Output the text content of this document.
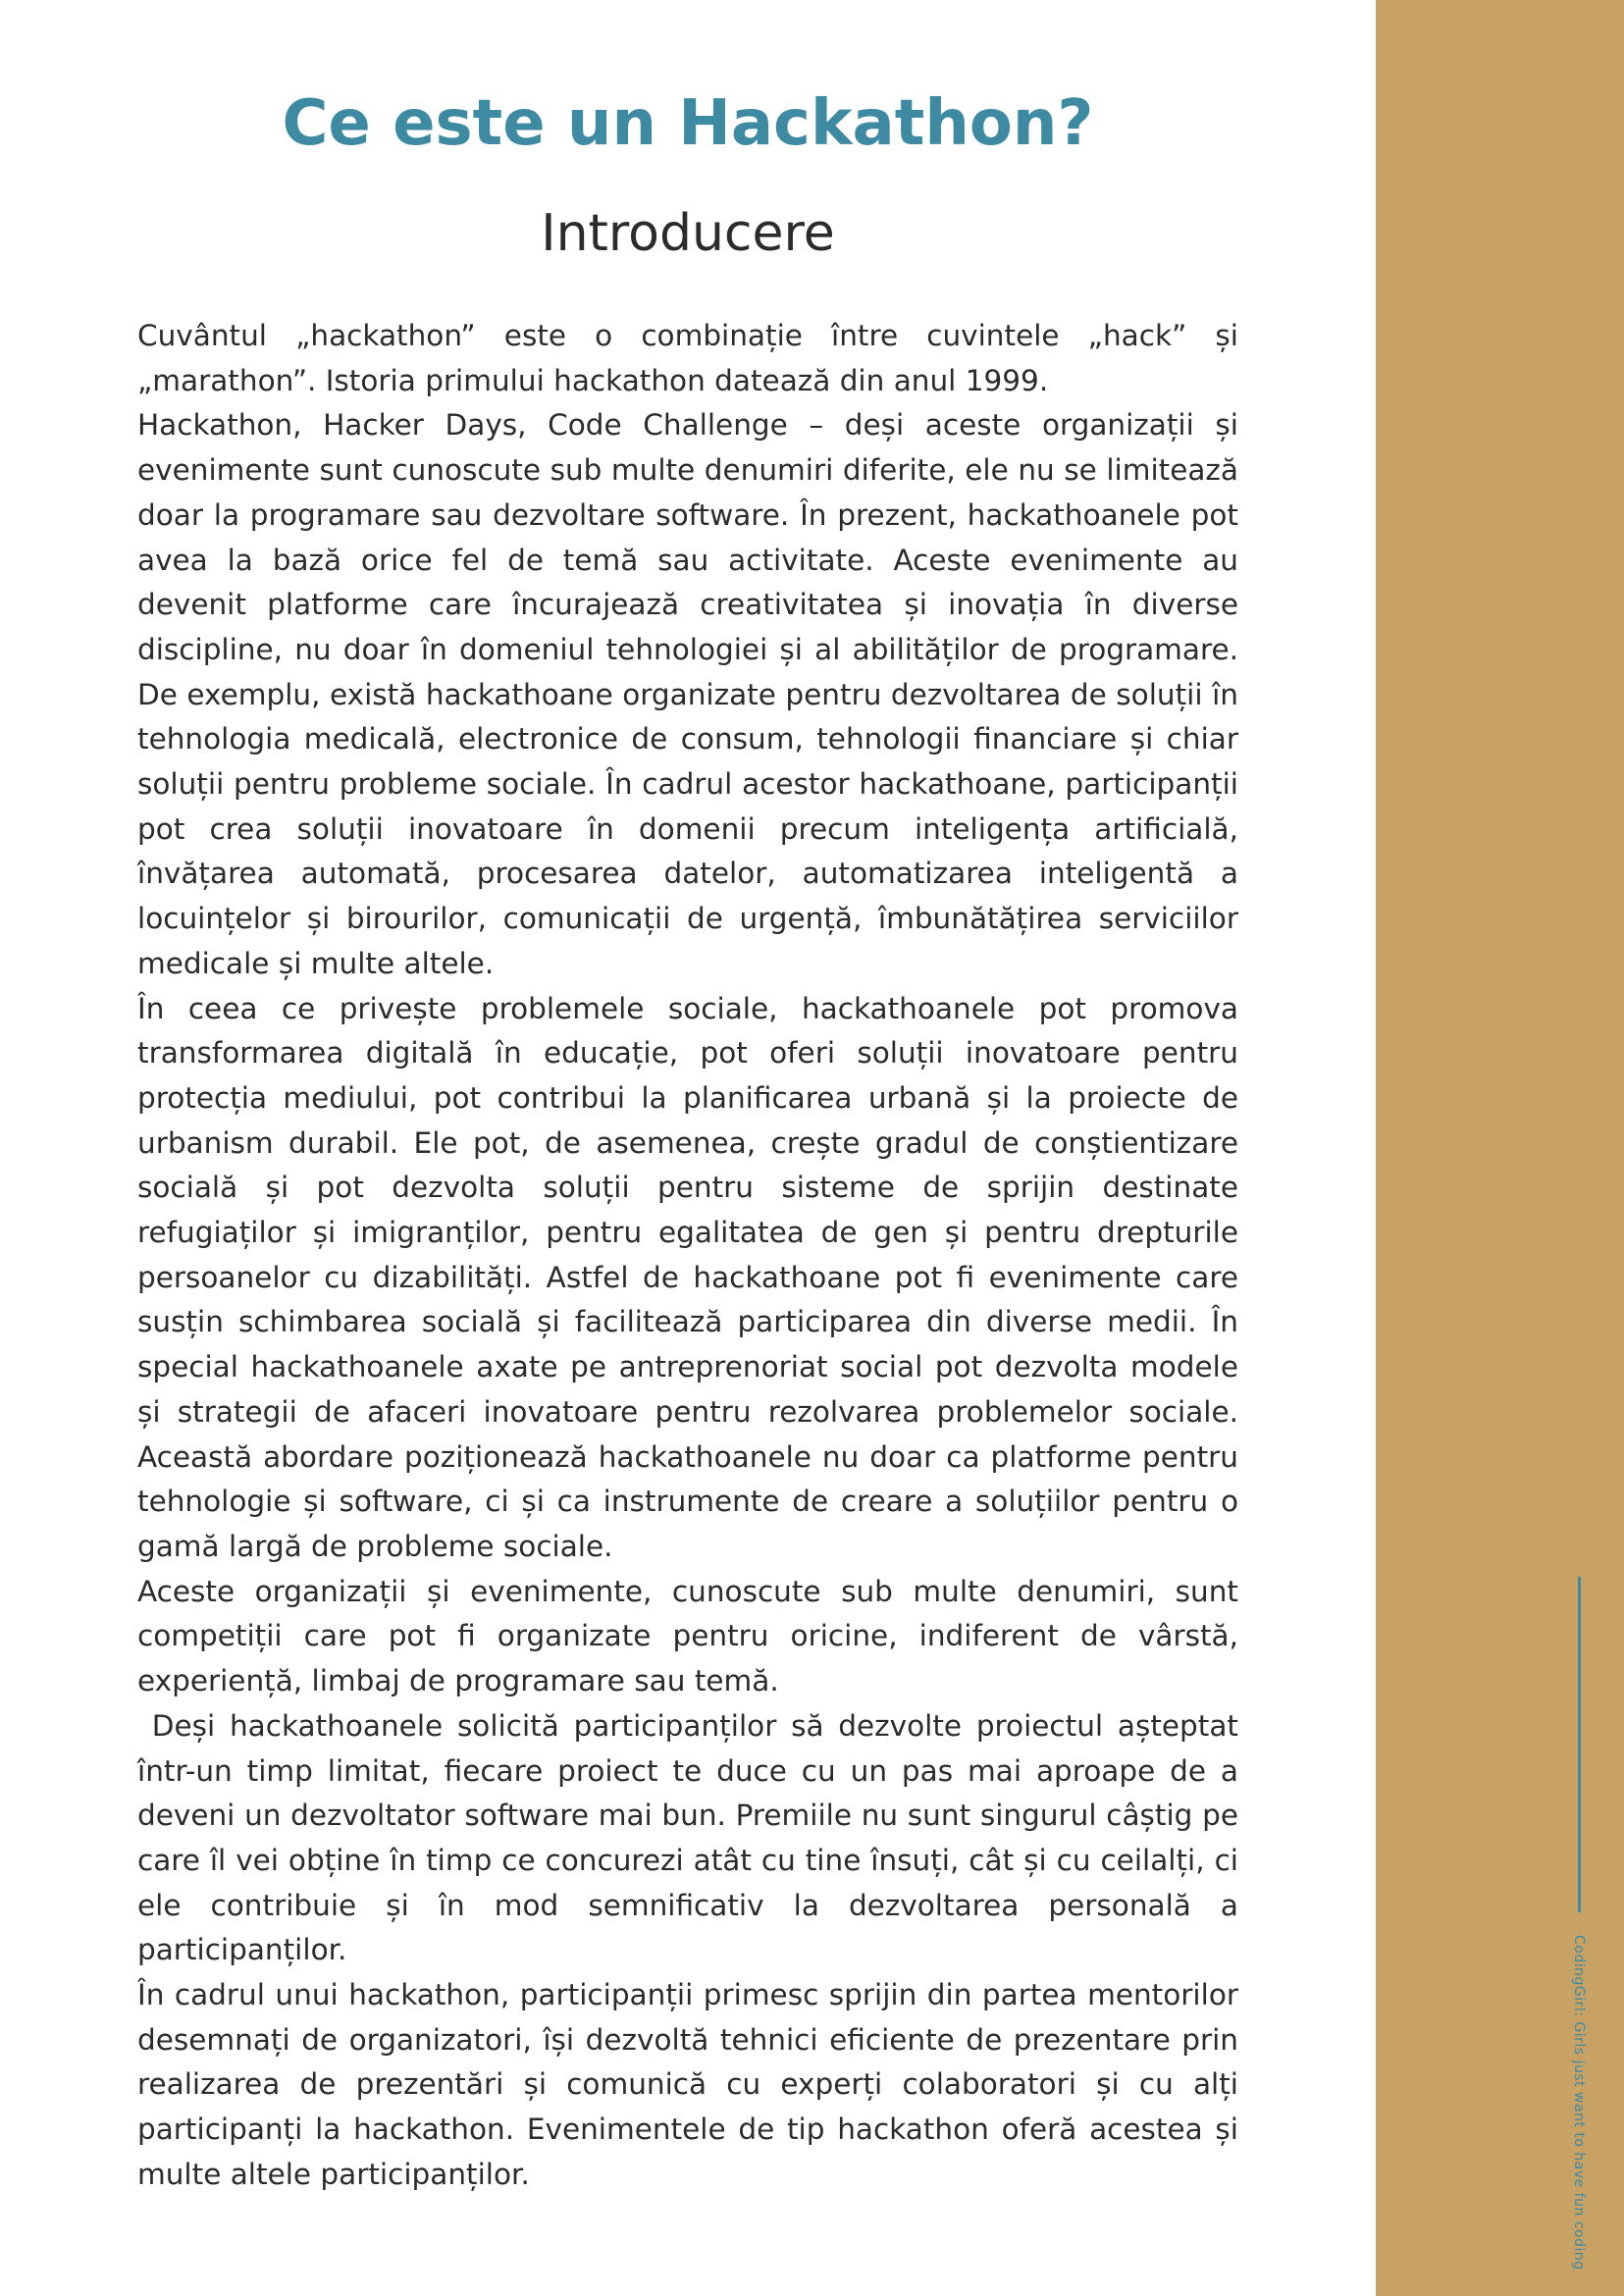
CodingGirl: Girls just want to have fun coding
Ce este un Hackathon?
Introducere

Cuvântul „hackathon” este o combinație între cuvintele „hack” și „marathon”. Istoria primului hackathon datează din anul 1999.

Hackathon, Hacker Days, Code Challenge – deși aceste organizații și evenimente sunt cunoscute sub multe denumiri diferite, ele nu se limitează doar la programare sau dezvoltare software. În prezent, hackathoanele pot avea la bază orice fel de temă sau activitate. Aceste evenimente au devenit platforme care încurajează creativitatea și inovația în diverse discipline, nu doar în domeniul tehnologiei și al abilităților de programare. De exemplu, există hackathoane organizate pentru dezvoltarea de soluții în tehnologia medicală, electronice de consum, tehnologii financiare și chiar soluții pentru probleme sociale. În cadrul acestor hackathoane, participanții pot crea soluții inovatoare în domenii precum inteligența artificială, învățarea automată, procesarea datelor, automatizarea inteligentă a locuințelor și birourilor, comunicații de urgență, îmbunătățirea serviciilor medicale și multe altele.

În ceea ce privește problemele sociale, hackathoanele pot promova transformarea digitală în educație, pot oferi soluții inovatoare pentru protecția mediului, pot contribui la planificarea urbană și la proiecte de urbanism durabil. Ele pot, de asemenea, crește gradul de conștientizare socială și pot dezvolta soluții pentru sisteme de sprijin destinate refugiaților și imigranților, pentru egalitatea de gen și pentru drepturile persoanelor cu dizabilități. Astfel de hackathoane pot fi evenimente care susțin schimbarea socială și facilitează participarea din diverse medii. În special hackathoanele axate pe antreprenoriat social pot dezvolta modele și strategii de afaceri inovatoare pentru rezolvarea problemelor sociale. Această abordare poziționează hackathoanele nu doar ca platforme pentru tehnologie și software, ci și ca instrumente de creare a soluțiilor pentru o gamă largă de probleme sociale.

Aceste organizații și evenimente, cunoscute sub multe denumiri, sunt competiții care pot fi organizate pentru oricine, indiferent de vârstă, experiență, limbaj de programare sau temă.

Deși hackathoanele solicită participanților să dezvolte proiectul așteptat într-un timp limitat, fiecare proiect te duce cu un pas mai aproape de a deveni un dezvoltator software mai bun. Premiile nu sunt singurul câștig pe care îl vei obține în timp ce concurezi atât cu tine însuți, cât și cu ceilalți, ci ele contribuie și în mod semnificativ la dezvoltarea personală a participanților.

În cadrul unui hackathon, participanții primesc sprijin din partea mentorilor desemnați de organizatori, își dezvoltă tehnici eficiente de prezentare prin realizarea de prezentări și comunică cu experți colaboratori și cu alți participanți la hackathon. Evenimentele de tip hackathon oferă acestea și multe altele participanților.
